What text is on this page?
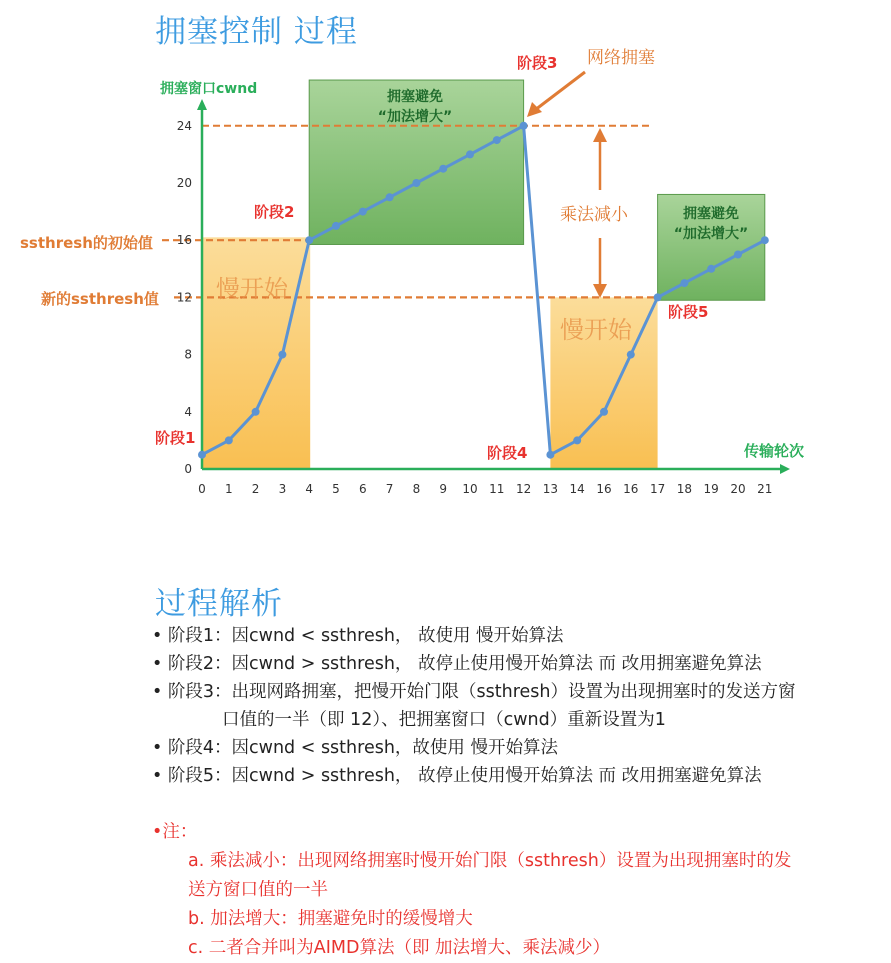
拥塞控制 过程
0 1 2 3 4 5 6 7 8 9 10 11 12 13 14 16 16 17 18 19 20 21
0
4
8
12
16
20
24
拥塞窗口cwnd
传输轮次
阶段1
阶段2
阶段3
阶段4
阶段5
网络拥塞
ssthresh的初始值
新的ssthresh值
乘法减小
慢开始
慢开始
拥塞避免
“加法增大”
拥塞避免
“加法增大”
过程解析
• 阶段1：因cwnd < ssthresh， 故使用 慢开始算法
• 阶段2：因cwnd > ssthresh， 故停止使用慢开始算法 而 改用拥塞避免算法
• 阶段3：出现网路拥塞，把慢开始门限（ssthresh）设置为出现拥塞时的发送方窗
口值的一半（即 12）、把拥塞窗口（cwnd）重新设置为1
• 阶段4：因cwnd < ssthresh，故使用 慢开始算法
• 阶段5：因cwnd > ssthresh， 故停止使用慢开始算法 而 改用拥塞避免算法
•注：
a. 乘法减小：出现网络拥塞时慢开始门限（ssthresh）设置为出现拥塞时的发
送方窗口值的一半
b. 加法增大：拥塞避免时的缓慢增大
c. 二者合并叫为AIMD算法（即 加法增大、乘法减少）
